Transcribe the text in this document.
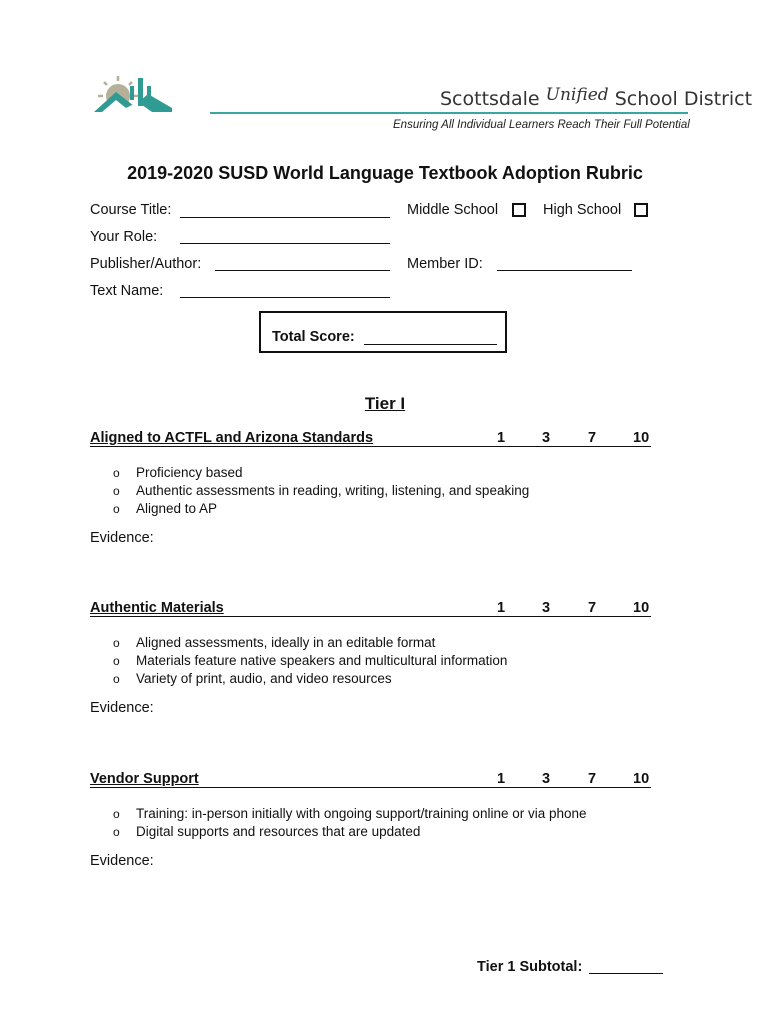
Scottsdale Unified School District
Ensuring All Individual Learners Reach Their Full Potential
2019-2020 SUSD World Language Textbook Adoption Rubric
Course Title:	Middle School	High School
Your Role:
Publisher/Author:	Member ID:
Text Name:
Total Score:
Tier I
Aligned to ACTFL and Arizona Standards	1	3	7	10
o Proficiency based
o Authentic assessments in reading, writing, listening, and speaking
o Aligned to AP
Evidence:
Authentic Materials	1	3	7	10
o Aligned assessments, ideally in an editable format
o Materials feature native speakers and multicultural information
o Variety of print, audio, and video resources
Evidence:
Vendor Support	1	3	7	10
o Training: in-person initially with ongoing support/training online or via phone
o Digital supports and resources that are updated
Evidence:
Tier 1 Subtotal:
